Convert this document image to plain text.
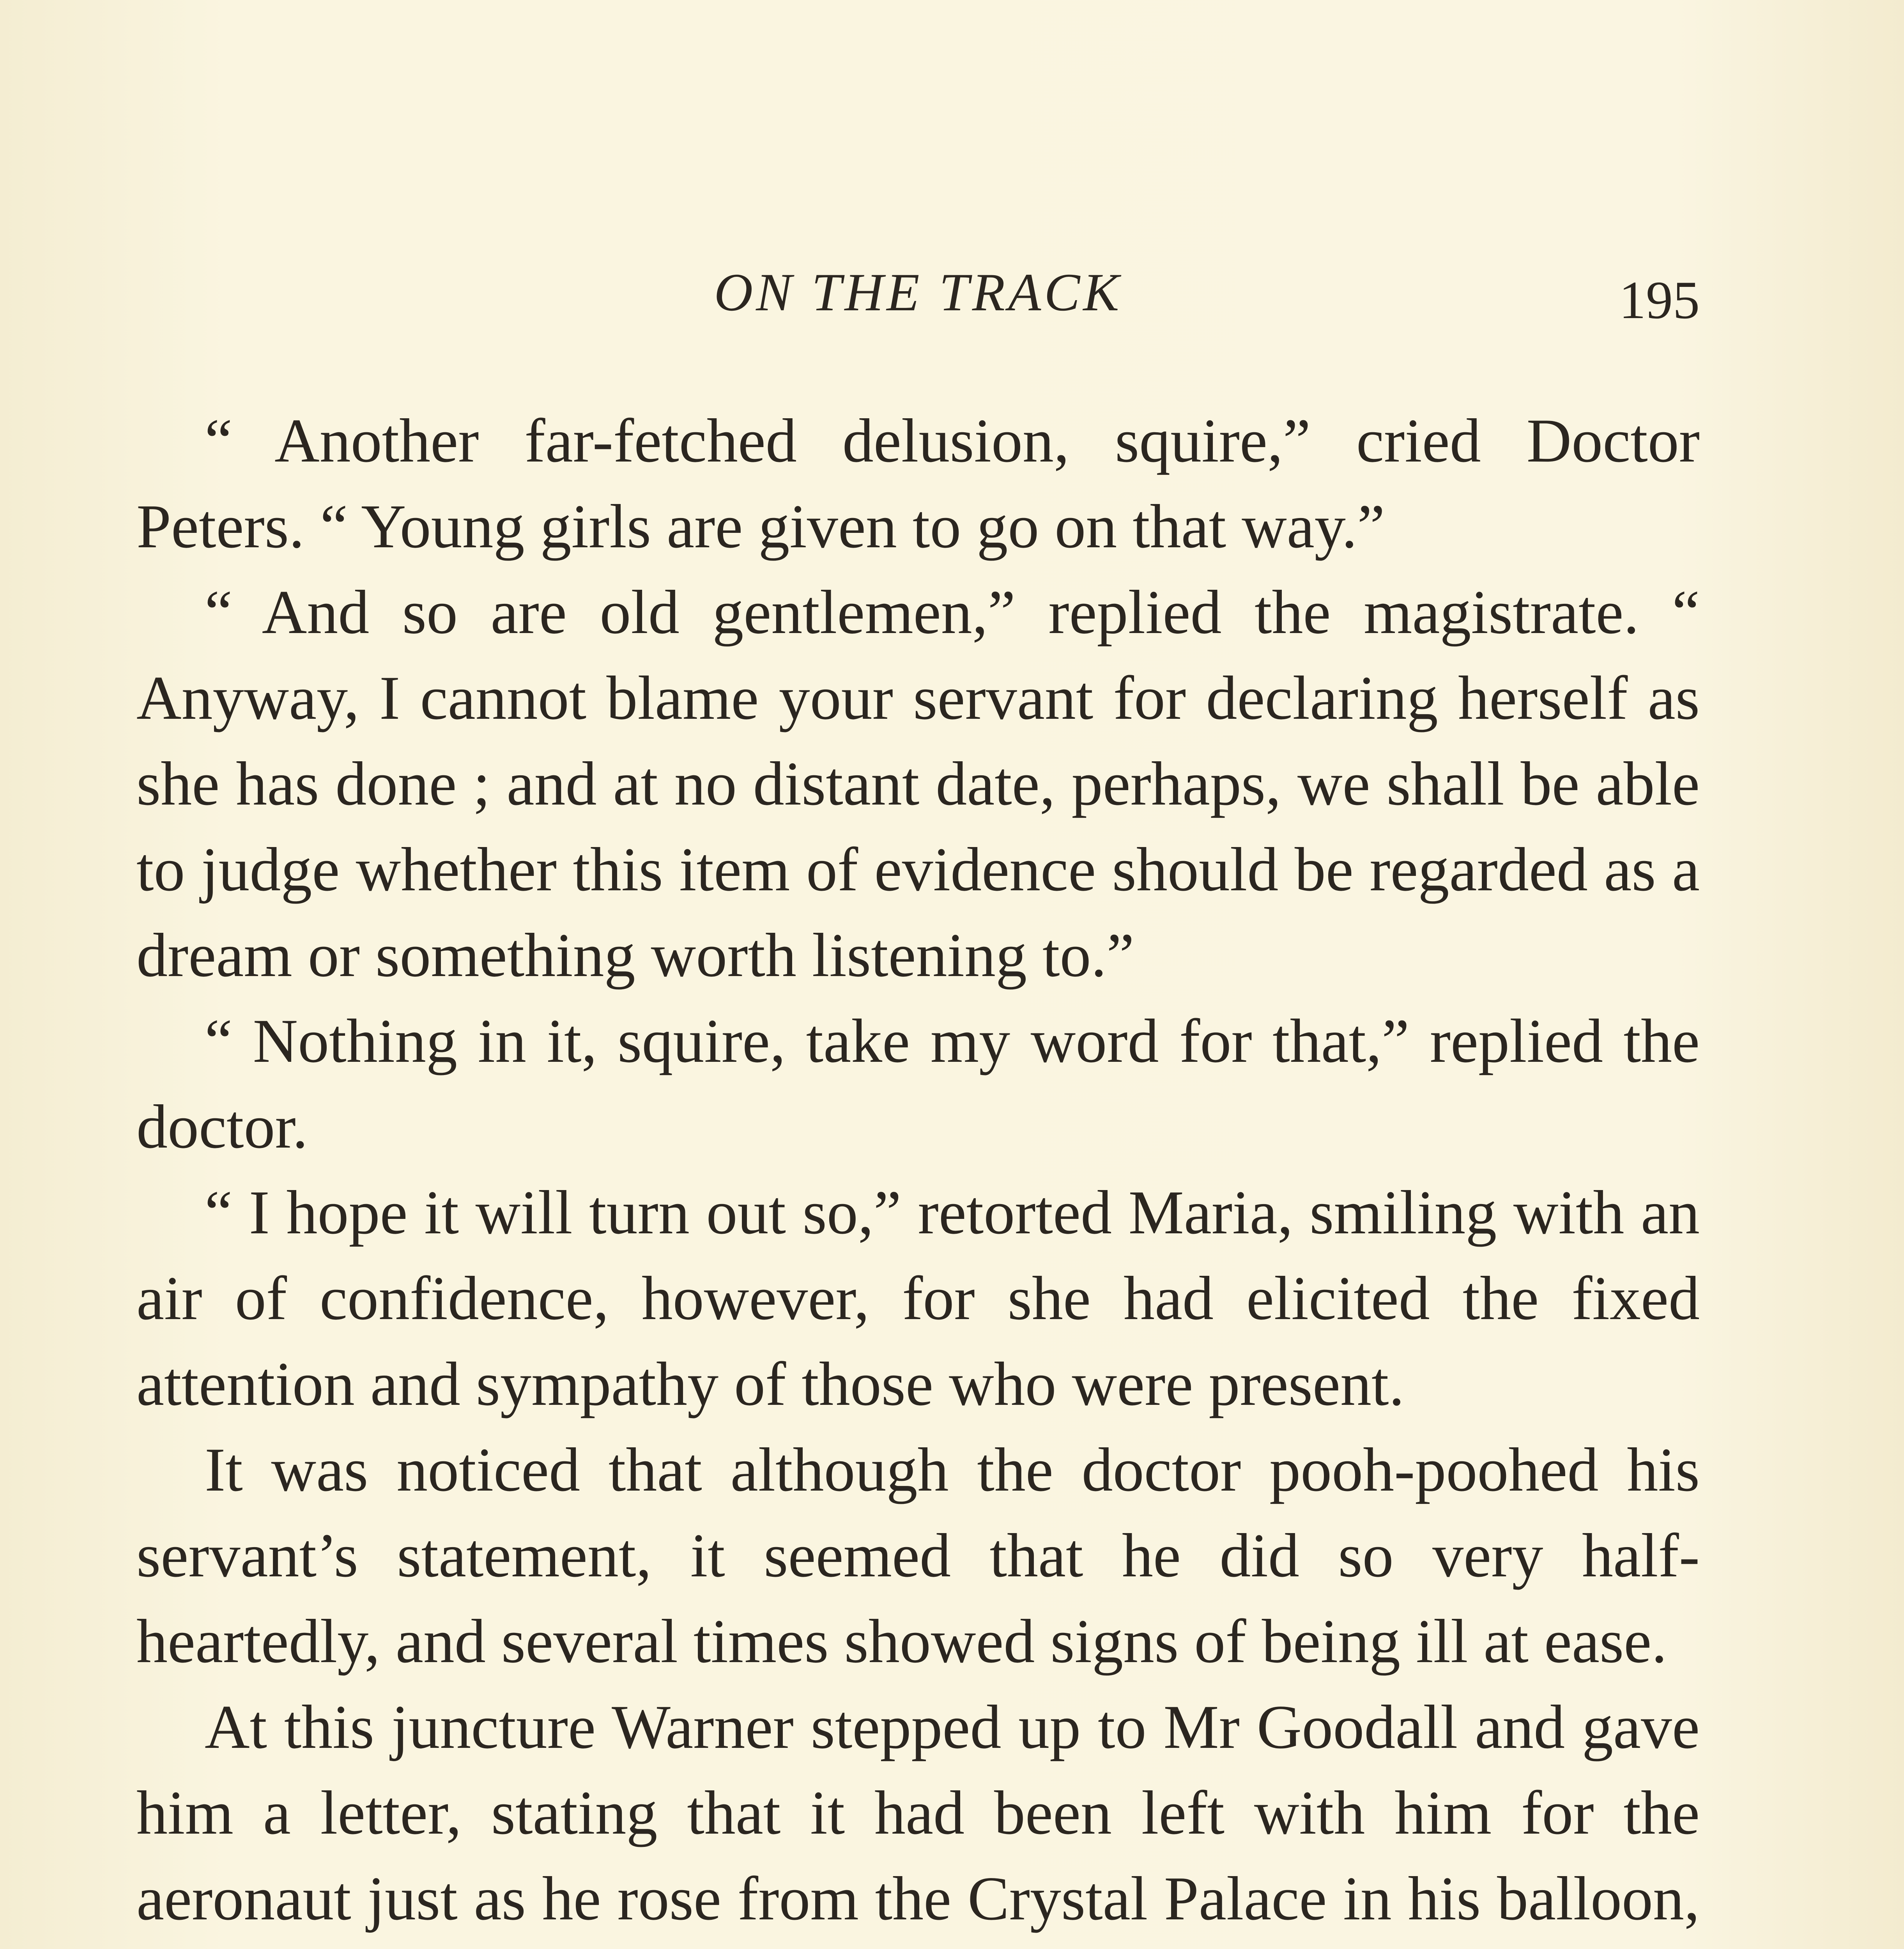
ON THE TRACK	195

“ Another far-fetched delusion, squire,” cried Doctor Peters. “ Young girls are given to go on that way.”

“ And so are old gentlemen,” replied the magistrate. “ Anyway, I cannot blame your servant for declaring herself as she has done ; and at no distant date, perhaps, we shall be able to judge whether this item of evidence should be regarded as a dream or something worth listening to.”

“ Nothing in it, squire, take my word for that,” replied the doctor.

“ I hope it will turn out so,” retorted Maria, smiling with an air of confidence, however, for she had elicited the fixed attention and sympathy of those who were present.

It was noticed that although the doctor pooh-poohed his servant’s statement, it seemed that he did so very half-heartedly, and several times showed signs of being ill at ease.

At this juncture Warner stepped up to Mr Goodall and gave him a letter, stating that it had been left with him for the aeronaut just as he rose from the Crystal Palace in his balloon,
